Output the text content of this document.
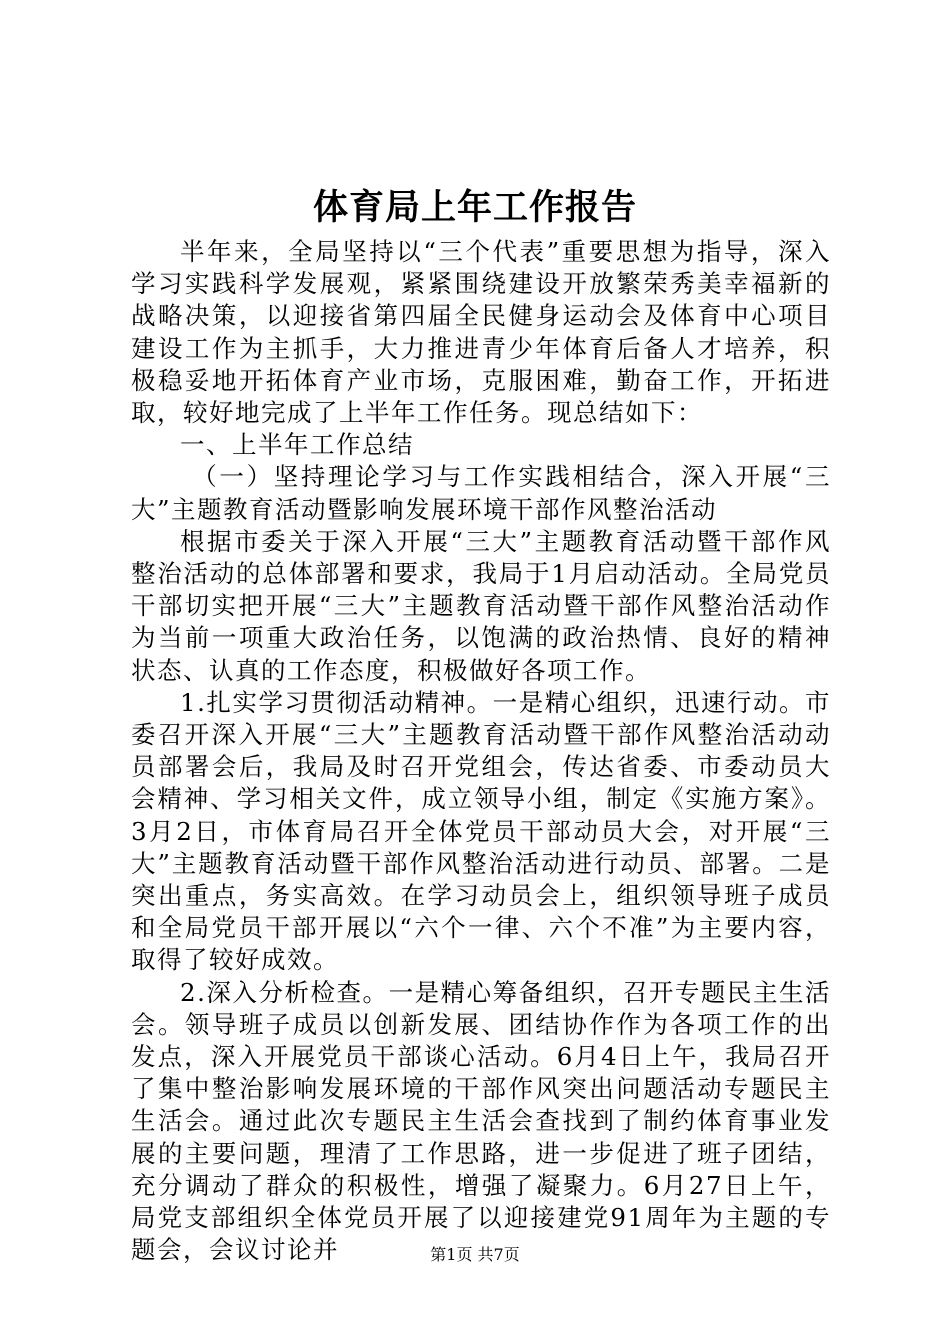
体育局上年工作报告

半年来，全局坚持以“三个代表”重要思想为指导，深入学习实践科学发展观，紧紧围绕建设开放繁荣秀美幸福新的战略决策，以迎接省第四届全民健身运动会及体育中心项目建设工作为主抓手，大力推进青少年体育后备人才培养，积极稳妥地开拓体育产业市场，克服困难，勤奋工作，开拓进取，较好地完成了上半年工作任务。现总结如下：

一、上半年工作总结

（一）坚持理论学习与工作实践相结合，深入开展“三大”主题教育活动暨影响发展环境干部作风整治活动

根据市委关于深入开展“三大”主题教育活动暨干部作风整治活动的总体部署和要求，我局于1月启动活动。全局党员干部切实把开展“三大”主题教育活动暨干部作风整治活动作为当前一项重大政治任务，以饱满的政治热情、良好的精神状态、认真的工作态度，积极做好各项工作。

1.扎实学习贯彻活动精神。一是精心组织，迅速行动。市委召开深入开展“三大”主题教育活动暨干部作风整治活动动员部署会后，我局及时召开党组会，传达省委、市委动员大会精神、学习相关文件，成立领导小组，制定《实施方案》。3月2日，市体育局召开全体党员干部动员大会，对开展“三大”主题教育活动暨干部作风整治活动进行动员、部署。二是突出重点，务实高效。在学习动员会上，组织领导班子成员和全局党员干部开展以“六个一律、六个不准”为主要内容，取得了较好成效。

2.深入分析检查。一是精心筹备组织，召开专题民主生活会。领导班子成员以创新发展、团结协作作为各项工作的出发点，深入开展党员干部谈心活动。6月4日上午，我局召开了集中整治影响发展环境的干部作风突出问题活动专题民主生活会。通过此次专题民主生活会查找到了制约体育事业发展的主要问题，理清了工作思路，进一步促进了班子团结，充分调动了群众的积极性，增强了凝聚力。6月27日上午，局党支部组织全体党员开展了以迎接建党91周年为主题的专题会，会议讨论并	第1页 共7页
